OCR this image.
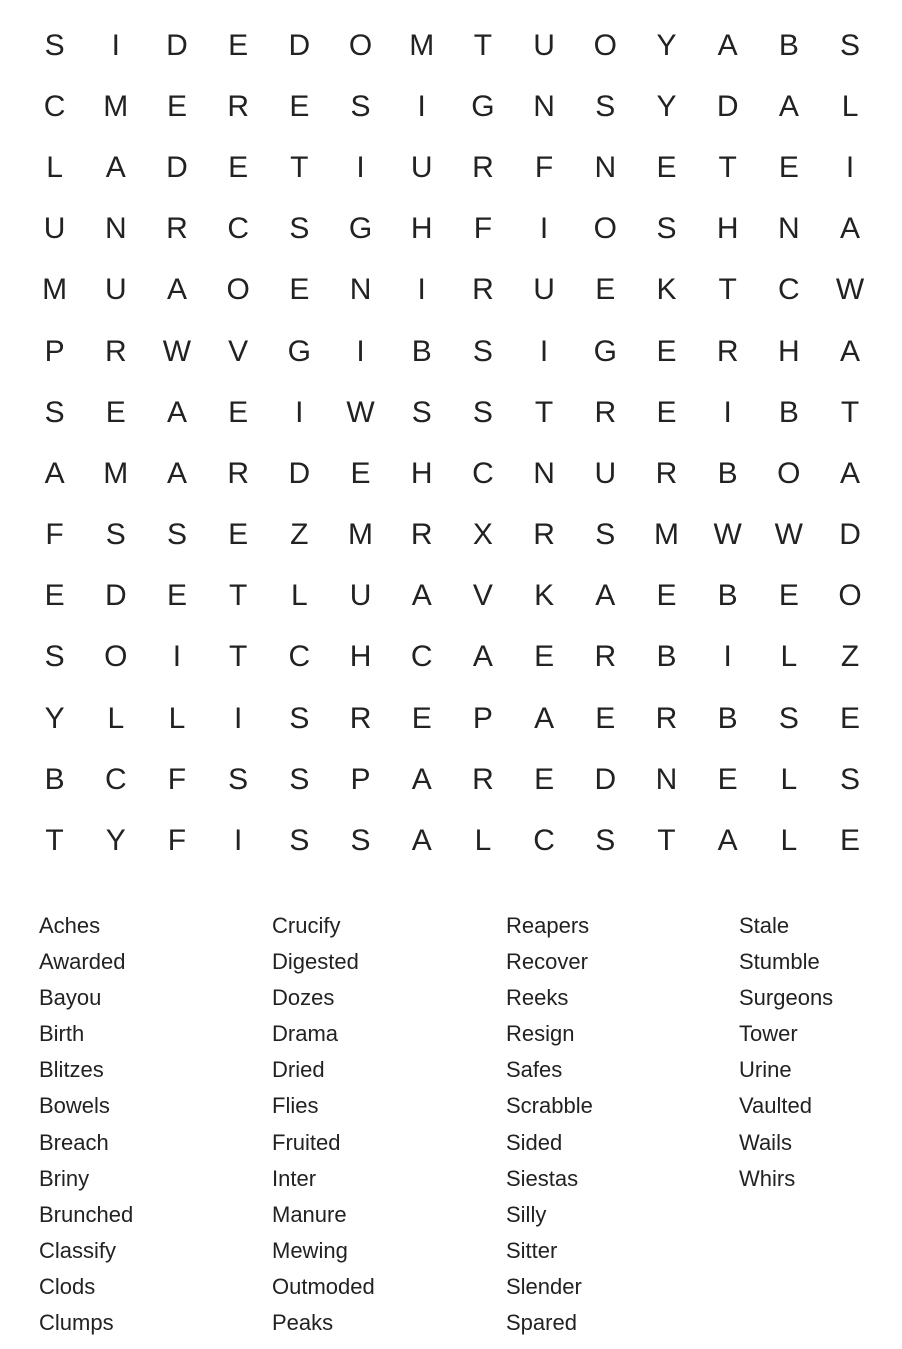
S	I	D	E	D	O	M	T	U	O	Y	A	B	S
C	M	E	R	E	S	I	G	N	S	Y	D	A	L
L	A	D	E	T	I	U	R	F	N	E	T	E	I
U	N	R	C	S	G	H	F	I	O	S	H	N	A
M	U	A	O	E	N	I	R	U	E	K	T	C	W
P	R	W	V	G	I	B	S	I	G	E	R	H	A
S	E	A	E	I	W	S	S	T	R	E	I	B	T
A	M	A	R	D	E	H	C	N	U	R	B	O	A
F	S	S	E	Z	M	R	X	R	S	M	W	W	D
E	D	E	T	L	U	A	V	K	A	E	B	E	O
S	O	I	T	C	H	C	A	E	R	B	I	L	Z
Y	L	L	I	S	R	E	P	A	E	R	B	S	E
B	C	F	S	S	P	A	R	E	D	N	E	L	S
T	Y	F	I	S	S	A	L	C	S	T	A	L	E
Aches
Awarded
Bayou
Birth
Blitzes
Bowels
Breach
Briny
Brunched
Classify
Clods
Clumps
Crucify
Digested
Dozes
Drama
Dried
Flies
Fruited
Inter
Manure
Mewing
Outmoded
Peaks
Reapers
Recover
Reeks
Resign
Safes
Scrabble
Sided
Siestas
Silly
Sitter
Slender
Spared
Stale
Stumble
Surgeons
Tower
Urine
Vaulted
Wails
Whirs
